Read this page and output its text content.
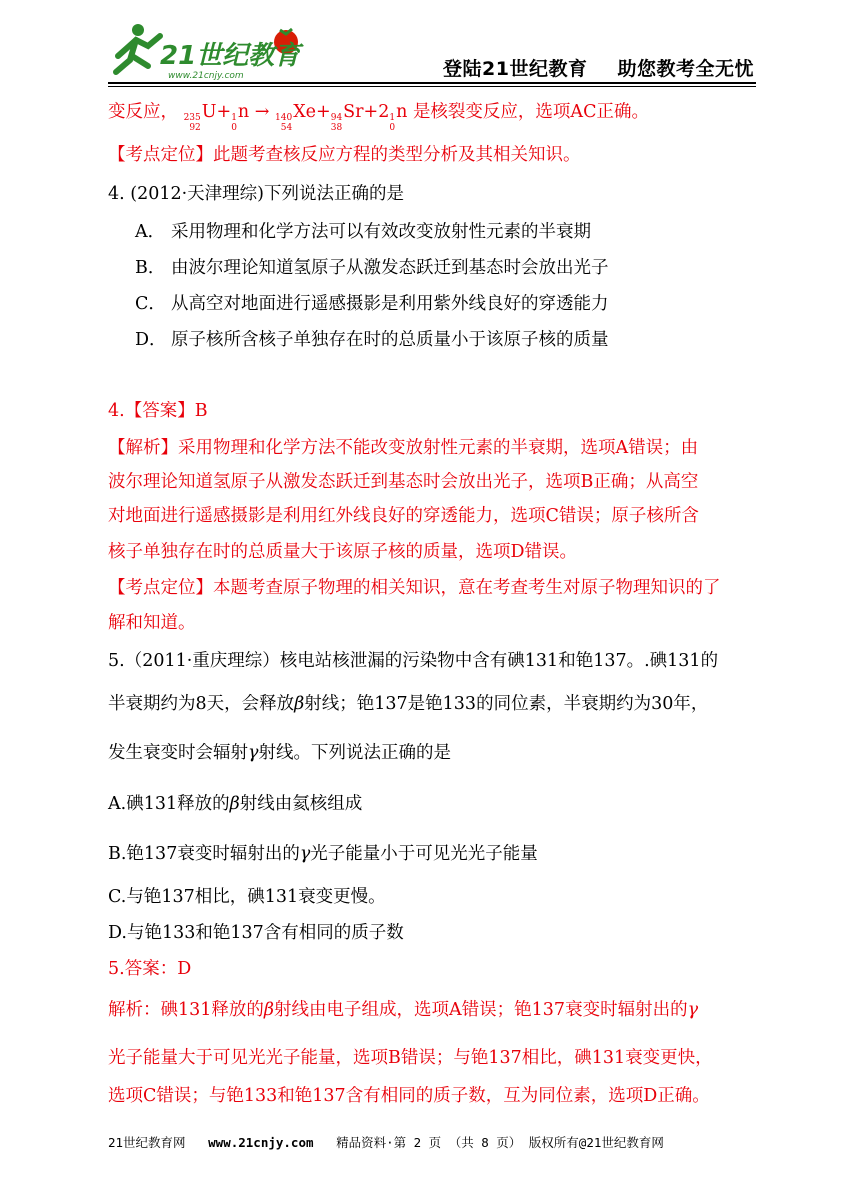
21世纪教育
www.21cnjy.com	登陆21世纪教育 助您教考全无忧
变反应， 235
92
U+ 1
0
n → 140
54
Xe+ 94
38
Sr+2 1
0
n 是核裂变反应，选项AC正确。
【考点定位】此题考查核反应方程的类型分析及其相关知识。
4. (2012·天津理综)下列说法正确的是
A． 采用物理和化学方法可以有效改变放射性元素的半衰期
B． 由波尔理论知道氢原子从激发态跃迁到基态时会放出光子
C． 从高空对地面进行遥感摄影是利用紫外线良好的穿透能力
D． 原子核所含核子单独存在时的总质量小于该原子核的质量
4.【答案】B
【解析】采用物理和化学方法不能改变放射性元素的半衰期，选项A错误；由
波尔理论知道氢原子从激发态跃迁到基态时会放出光子，选项B正确；从高空
对地面进行遥感摄影是利用红外线良好的穿透能力，选项C错误；原子核所含
核子单独存在时的总质量大于该原子核的质量，选项D错误。
【考点定位】本题考查原子物理的相关知识，意在考查考生对原子物理知识的了
解和知道。
5.（2011·重庆理综）核电站核泄漏的污染物中含有碘131和铯137。.碘131的
半衰期约为8天，会释放β射线；铯137是铯133的同位素，半衰期约为30年，
发生衰变时会辐射γ射线。下列说法正确的是
A.碘131释放的β射线由氦核组成
B.铯137衰变时辐射出的γ光子能量小于可见光光子能量
C.与铯137相比，碘131衰变更慢。
D.与铯133和铯137含有相同的质子数
5.答案：D
解析：碘131释放的β射线由电子组成，选项A错误；铯137衰变时辐射出的γ
光子能量大于可见光光子能量，选项B错误；与铯137相比，碘131衰变更快，
选项C错误；与铯133和铯137含有相同的质子数，互为同位素，选项D正确。
21世纪教育网 www.21cnjy.com 精品资料·第 2 页 （共 8 页） 版权所有@21世纪教育网
